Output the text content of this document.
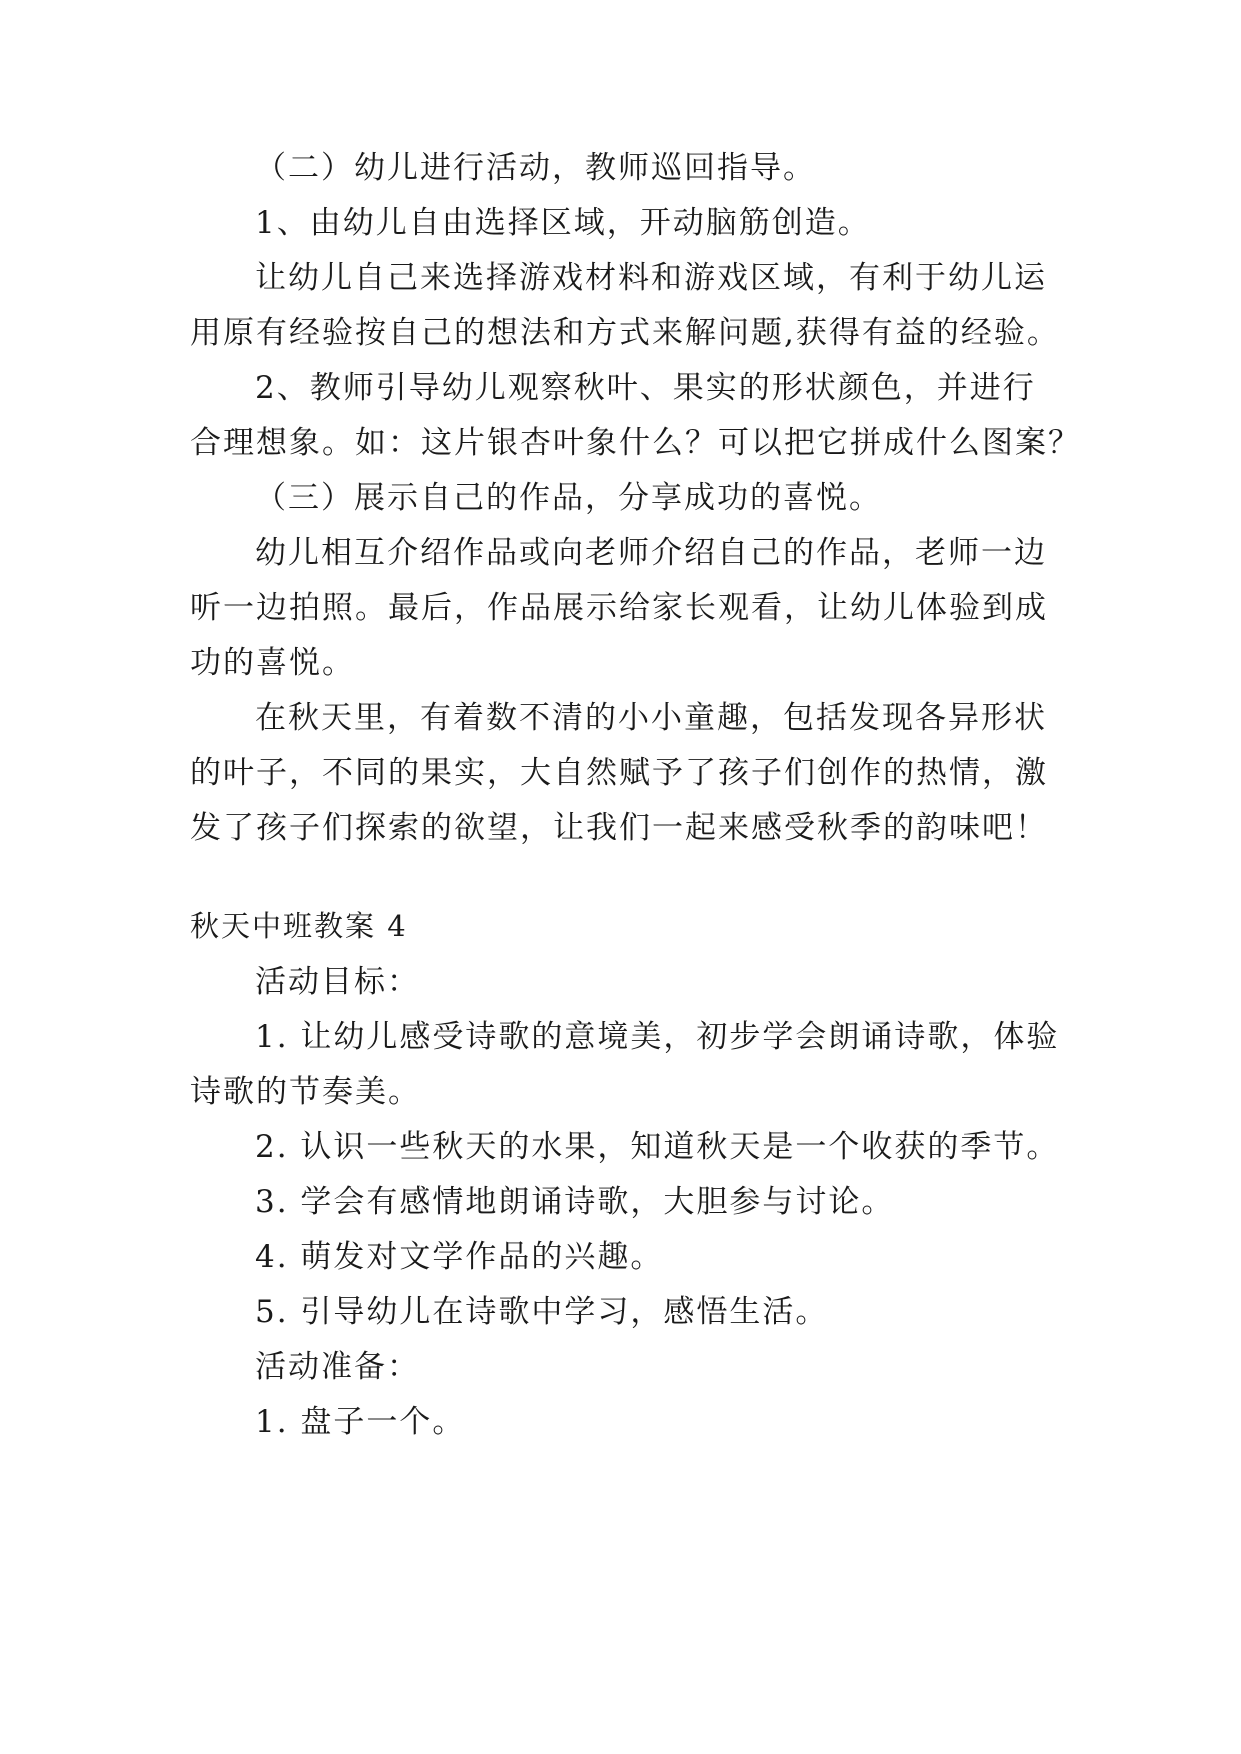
（二）幼儿进行活动，教师巡回指导。
1、由幼儿自由选择区域，开动脑筋创造。
让幼儿自己来选择游戏材料和游戏区域，有利于幼儿运
用原有经验按自己的想法和方式来解问题,获得有益的经验。
2、教师引导幼儿观察秋叶、果实的形状颜色，并进行
合理想象。如：这片银杏叶象什么？可以把它拼成什么图案？
（三）展示自己的作品，分享成功的喜悦。
幼儿相互介绍作品或向老师介绍自己的作品，老师一边
听一边拍照。最后，作品展示给家长观看，让幼儿体验到成
功的喜悦。
在秋天里，有着数不清的小小童趣，包括发现各异形状
的叶子，不同的果实，大自然赋予了孩子们创作的热情，激
发了孩子们探索的欲望，让我们一起来感受秋季的韵味吧！
秋天中班教案 4
活动目标：
1. 让幼儿感受诗歌的意境美，初步学会朗诵诗歌，体验
诗歌的节奏美。
2. 认识一些秋天的水果，知道秋天是一个收获的季节。
3. 学会有感情地朗诵诗歌，大胆参与讨论。
4. 萌发对文学作品的兴趣。
5. 引导幼儿在诗歌中学习，感悟生活。
活动准备：
1. 盘子一个。
